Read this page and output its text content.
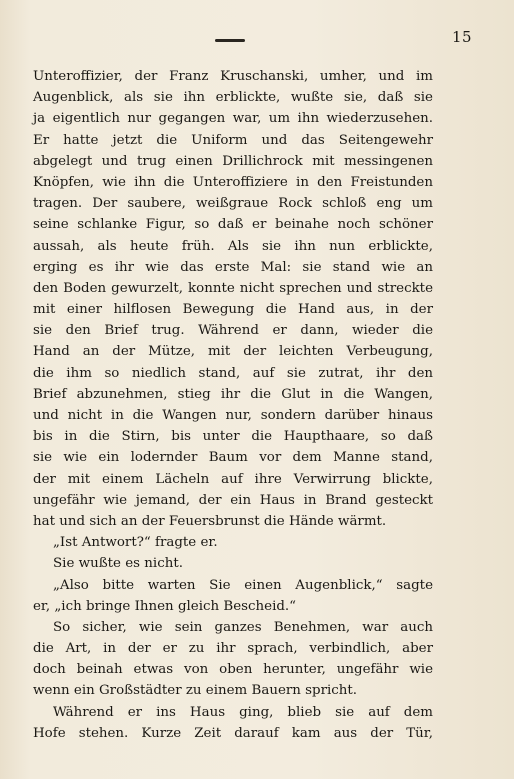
15
Unteroffizier, der Franz Kruschanski, umher, und im
Augenblick, als sie ihn erblickte, wußte sie, daß sie
ja eigentlich nur gegangen war, um ihn wiederzusehen.
Er hatte jetzt die Uniform und das Seitengewehr
abgelegt und trug einen Drillichrock mit messingenen
Knöpfen, wie ihn die Unteroffiziere in den Freistunden
tragen. Der saubere, weißgraue Rock schloß eng um
seine schlanke Figur, so daß er beinahe noch schöner
aussah, als heute früh. Als sie ihn nun erblickte,
erging es ihr wie das erste Mal: sie stand wie an
den Boden gewurzelt, konnte nicht sprechen und streckte
mit einer hilflosen Bewegung die Hand aus, in der
sie den Brief trug. Während er dann, wieder die
Hand an der Mütze, mit der leichten Verbeugung,
die ihm so niedlich stand, auf sie zutrat, ihr den
Brief abzunehmen, stieg ihr die Glut in die Wangen,
und nicht in die Wangen nur, sondern darüber hinaus
bis in die Stirn, bis unter die Haupthaare, so daß
sie wie ein lodernder Baum vor dem Manne stand,
der mit einem Lächeln auf ihre Verwirrung blickte,
ungefähr wie jemand, der ein Haus in Brand gesteckt
hat und sich an der Feuersbrunst die Hände wärmt.
„Ist Antwort?“ fragte er.
Sie wußte es nicht.
„Also bitte warten Sie einen Augenblick,“ sagte
er, „ich bringe Ihnen gleich Bescheid.“
So sicher, wie sein ganzes Benehmen, war auch
die Art, in der er zu ihr sprach, verbindlich, aber
doch beinah etwas von oben herunter, ungefähr wie
wenn ein Großstädter zu einem Bauern spricht.
Während er ins Haus ging, blieb sie auf dem
Hofe stehen. Kurze Zeit darauf kam aus der Tür,
